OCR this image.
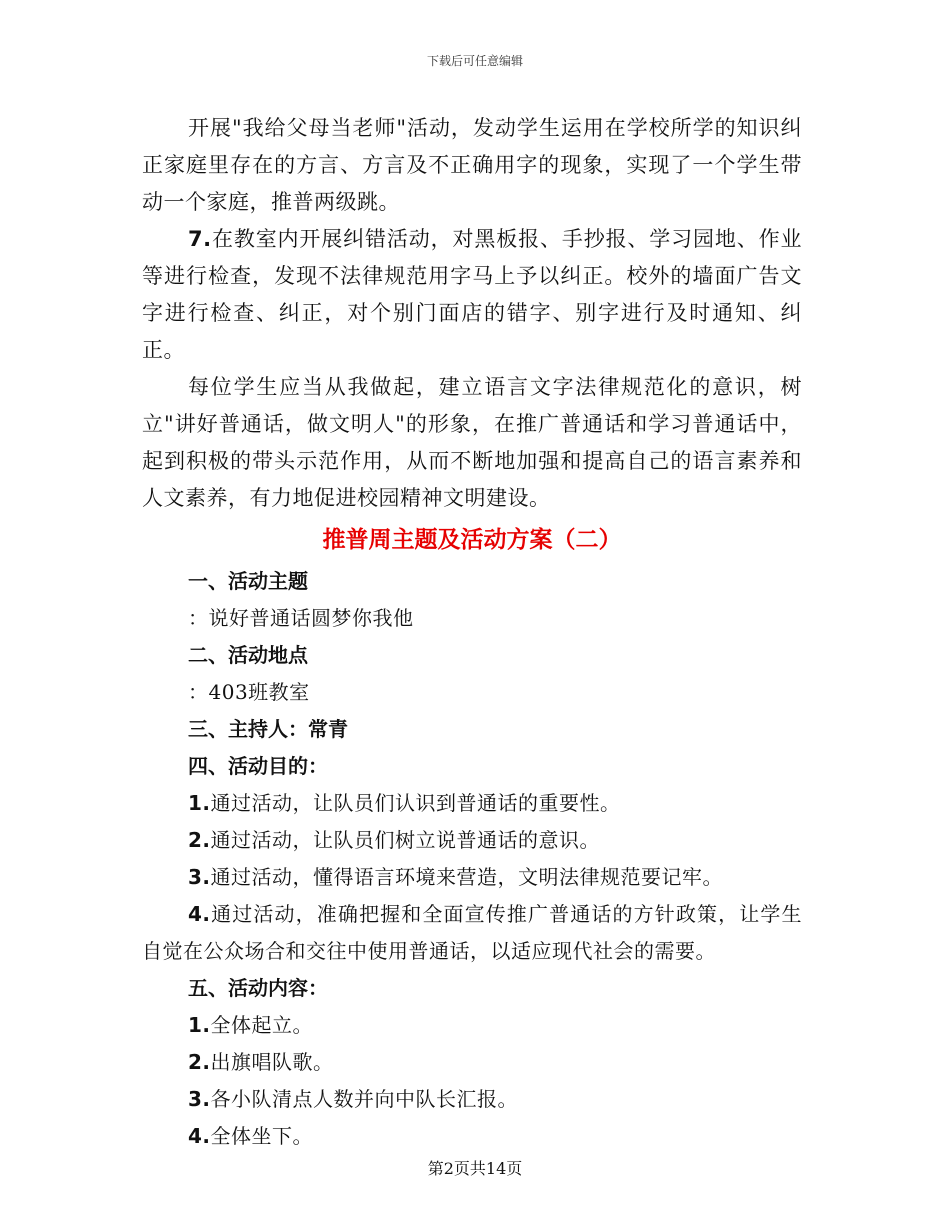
下载后可任意编辑

开展"我给父母当老师"活动，发动学生运用在学校所学的知识纠正家庭里存在的方言、方言及不正确用字的现象，实现了一个学生带动一个家庭，推普两级跳。

7.在教室内开展纠错活动，对黑板报、手抄报、学习园地、作业等进行检查，发现不法律规范用字马上予以纠正。校外的墙面广告文字进行检查、纠正，对个别门面店的错字、别字进行及时通知、纠正。

每位学生应当从我做起，建立语言文字法律规范化的意识，树立"讲好普通话，做文明人"的形象，在推广普通话和学习普通话中，起到积极的带头示范作用，从而不断地加强和提高自己的语言素养和人文素养，有力地促进校园精神文明建设。

推普周主题及活动方案（二）

一、活动主题

：说好普通话圆梦你我他

二、活动地点

：403班教室

三、主持人：常青

四、活动目的：

1.通过活动，让队员们认识到普通话的重要性。

2.通过活动，让队员们树立说普通话的意识。

3.通过活动，懂得语言环境来营造，文明法律规范要记牢。

4.通过活动，准确把握和全面宣传推广普通话的方针政策，让学生自觉在公众场合和交往中使用普通话，以适应现代社会的需要。

五、活动内容：

1.全体起立。

2.出旗唱队歌。

3.各小队清点人数并向中队长汇报。

4.全体坐下。

第2页共14页
